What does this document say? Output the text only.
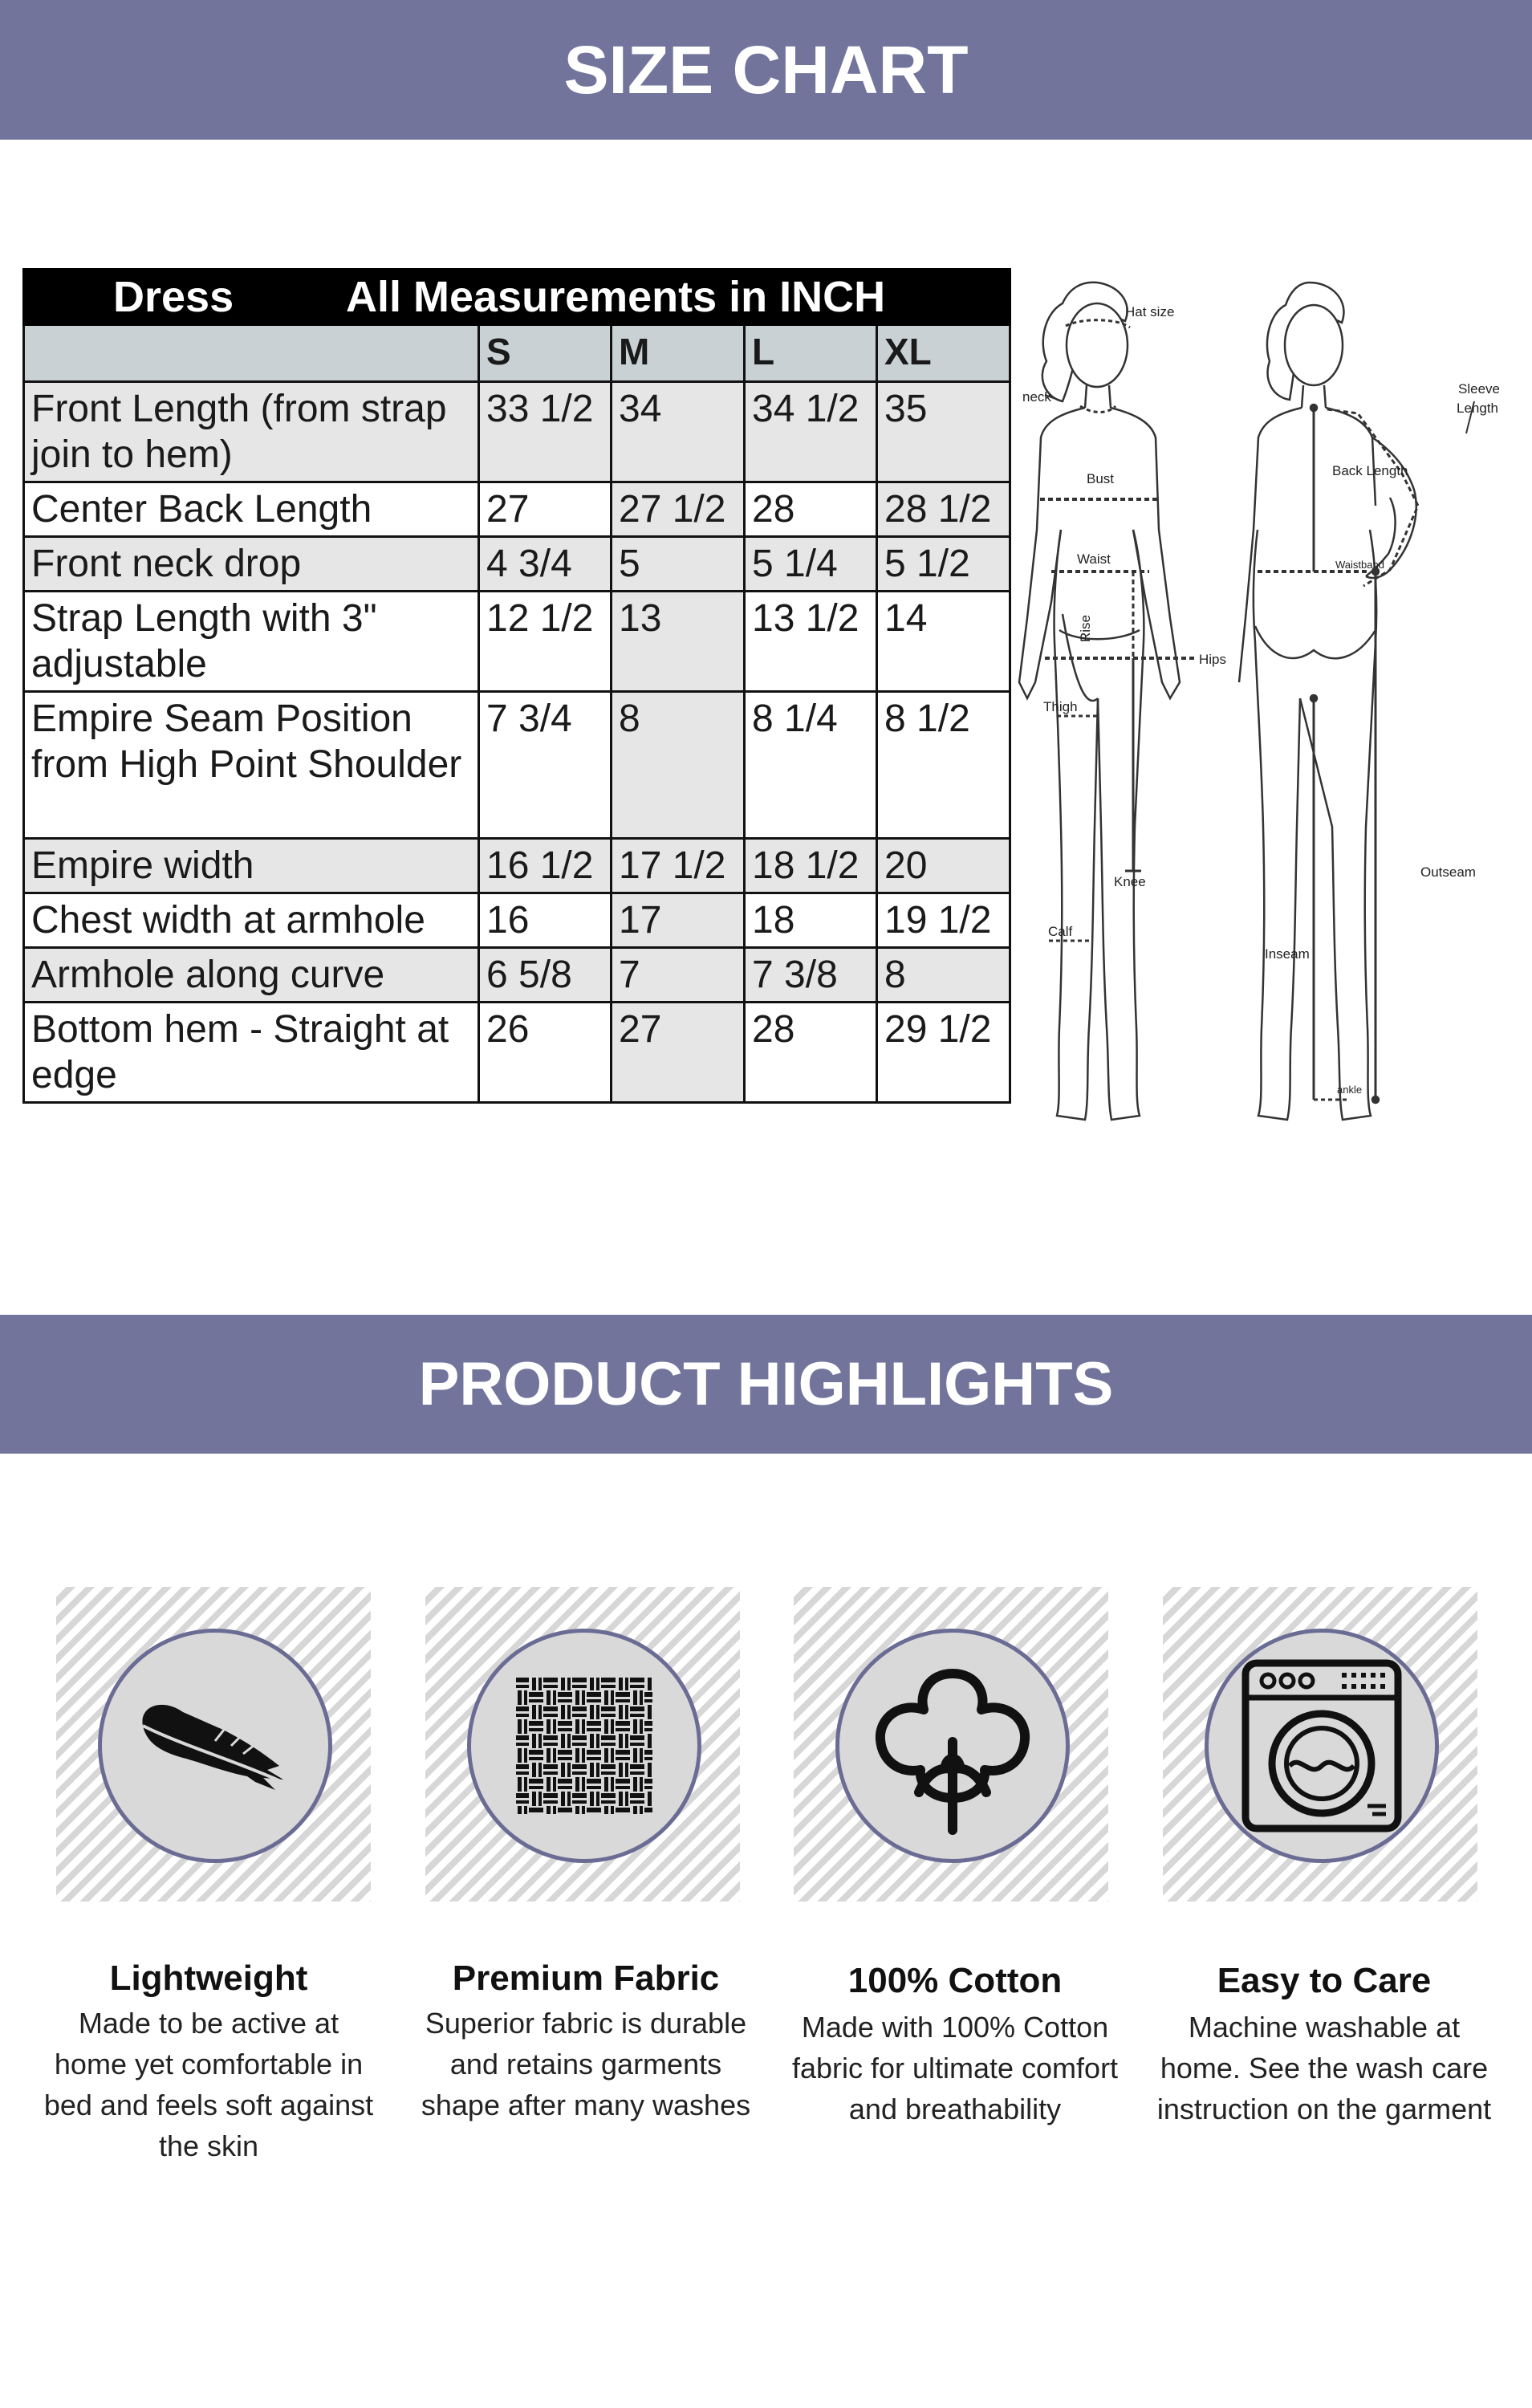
SIZE CHART
Dress All Measurements in INCH				
	S	M	L	XL
Front Length (from strap join to hem)	33 1/2	34	34 1/2	35
Center Back Length	27	27 1/2	28	28 1/2
Front neck drop	4 3/4	5	5 1/4	5 1/2
Strap Length with 3" adjustable	12 1/2	13	13 1/2	14
Empire Seam Position from High Point Shoulder	7 3/4	8	8 1/4	8 1/2
Empire width	16 1/2	17 1/2	18 1/2	20
Chest width at armhole	16	17	18	19 1/2
Armhole along curve	6 5/8	7	7 3/8	8
Bottom hem - Straight at edge	26	27	28	29 1/2
Hat size
neck
Bust
Waist
Rise
Hips
Thigh
Knee
Calf
Sleeve
Length
Back Length
Waistband
Outseam
Inseam
ankle
PRODUCT HIGHLIGHTS
Lightweight
Made to be active at home yet comfortable in bed and feels soft against the skin
Premium Fabric
Superior fabric is durable and retains garments shape after many washes
100% Cotton
Made with 100% Cotton fabric for ultimate comfort and breathability
Easy to Care
Machine washable at home. See the wash care instruction on the garment
